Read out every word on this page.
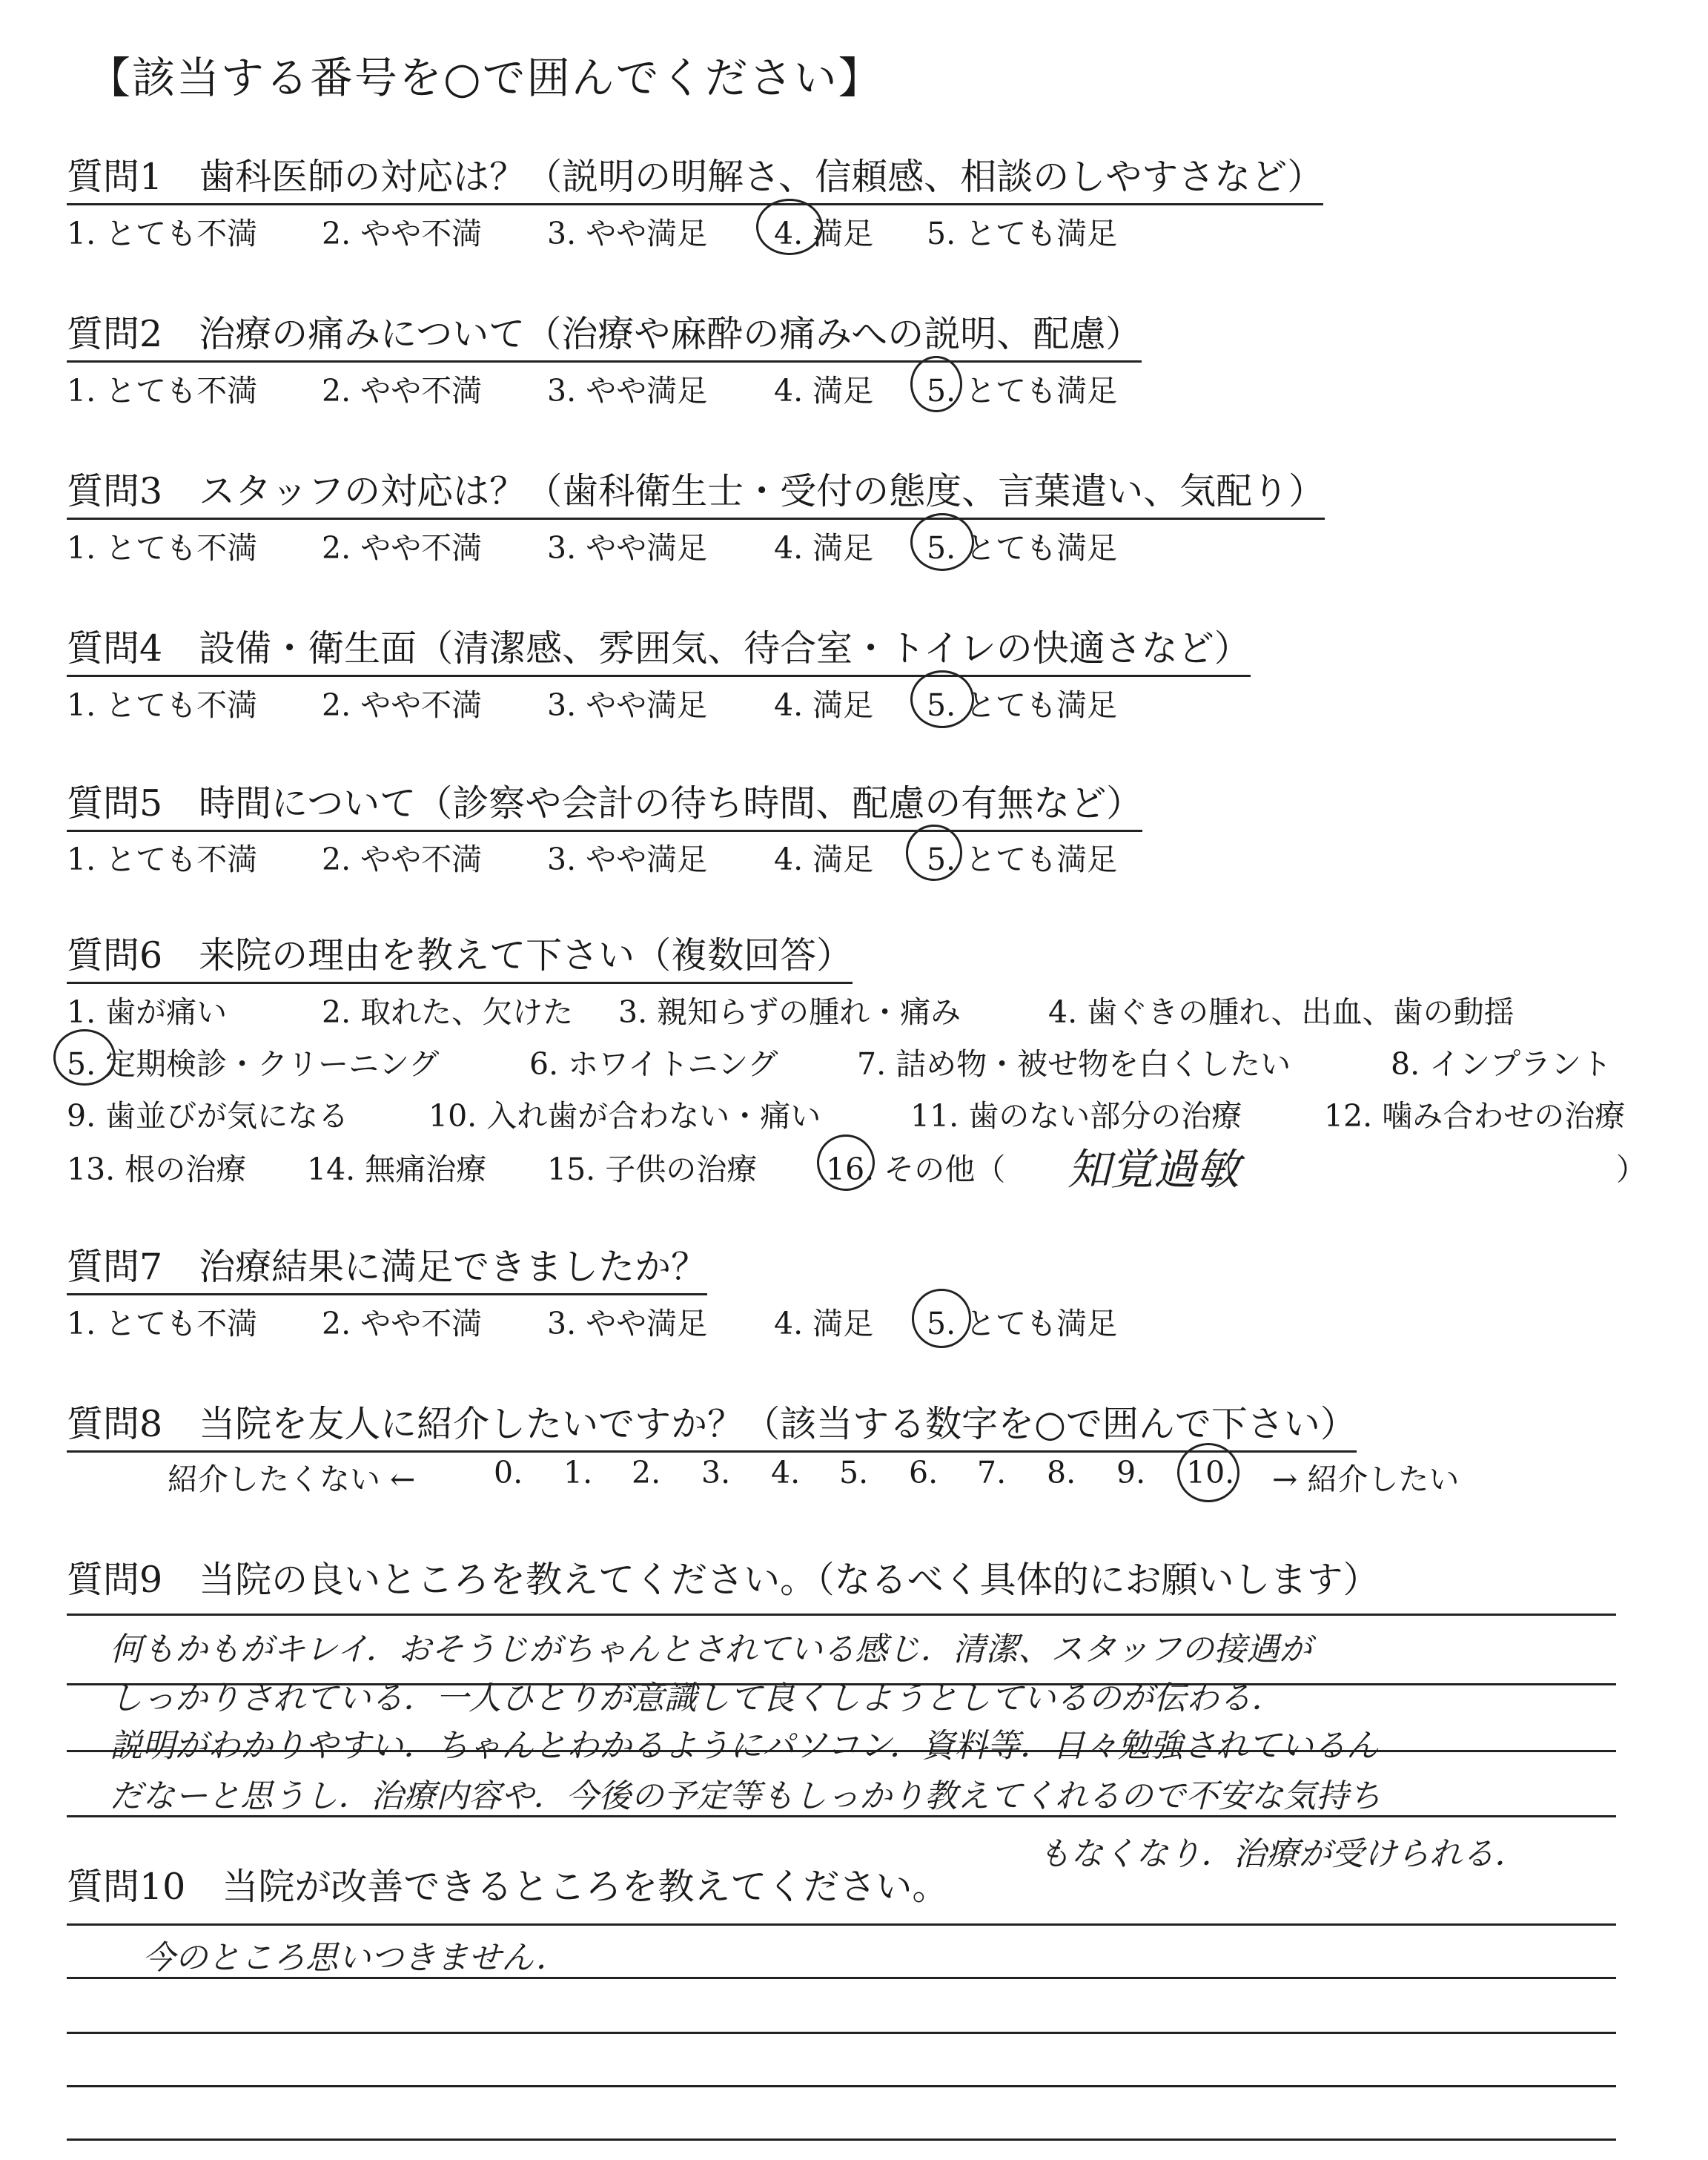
【該当する番号を○で囲んでください】
質問1　歯科医師の対応は？（説明の明解さ、信頼感、相談のしやすさなど）
1. とても不満 2. やや不満 3. やや満足 4. 満足 5. とても満足
質問2　治療の痛みについて（治療や麻酔の痛みへの説明、配慮）
1. とても不満 2. やや不満 3. やや満足 4. 満足 5. とても満足
質問3　スタッフの対応は？（歯科衛生士・受付の態度、言葉遣い、気配り）
1. とても不満 2. やや不満 3. やや満足 4. 満足 5. とても満足
質問4　設備・衛生面（清潔感、雰囲気、待合室・トイレの快適さなど）
1. とても不満 2. やや不満 3. やや満足 4. 満足 5. とても満足
質問5　時間について（診察や会計の待ち時間、配慮の有無など）
1. とても不満 2. やや不満 3. やや満足 4. 満足 5. とても満足
質問6　来院の理由を教えて下さい（複数回答）
1. 歯が痛い	2. 取れた、欠けた 3. 親知らずの腫れ・痛み	4. 歯ぐきの腫れ、出血、歯の動揺
5. 定期検診・クリーニング	6. ホワイトニング	7. 詰め物・被せ物を白くしたい	8. インプラント
9. 歯並びが気になる	10. 入れ歯が合わない・痛い	11. 歯のない部分の治療	12. 噛み合わせの治療
13. 根の治療 14. 無痛治療 15. 子供の治療 16. その他（	）
知覚過敏
質問7　治療結果に満足できましたか？
1. とても不満 2. やや不満 3. やや満足 4. 満足 5. とても満足
質問8　当院を友人に紹介したいですか？（該当する数字を○で囲んで下さい）
紹介したくない ←	0. 1. 2. 3. 4. 5. 6. 7. 8. 9. 10. → 紹介したい
質問9　当院の良いところを教えてください。（なるべく具体的にお願いします）
何もかもがキレイ．おそうじがちゃんとされている感じ．清潔、スタッフの接遇が
しっかりされている．一人ひとりが意識して良くしようとしているのが伝わる．
説明がわかりやすい．ちゃんとわかるようにパソコン．資料等．日々勉強されているん
だなーと思うし．治療内容や．今後の予定等もしっかり教えてくれるので不安な気持ち
もなくなり．治療が受けられる．
質問10　当院が改善できるところを教えてください。
今のところ思いつきません．
